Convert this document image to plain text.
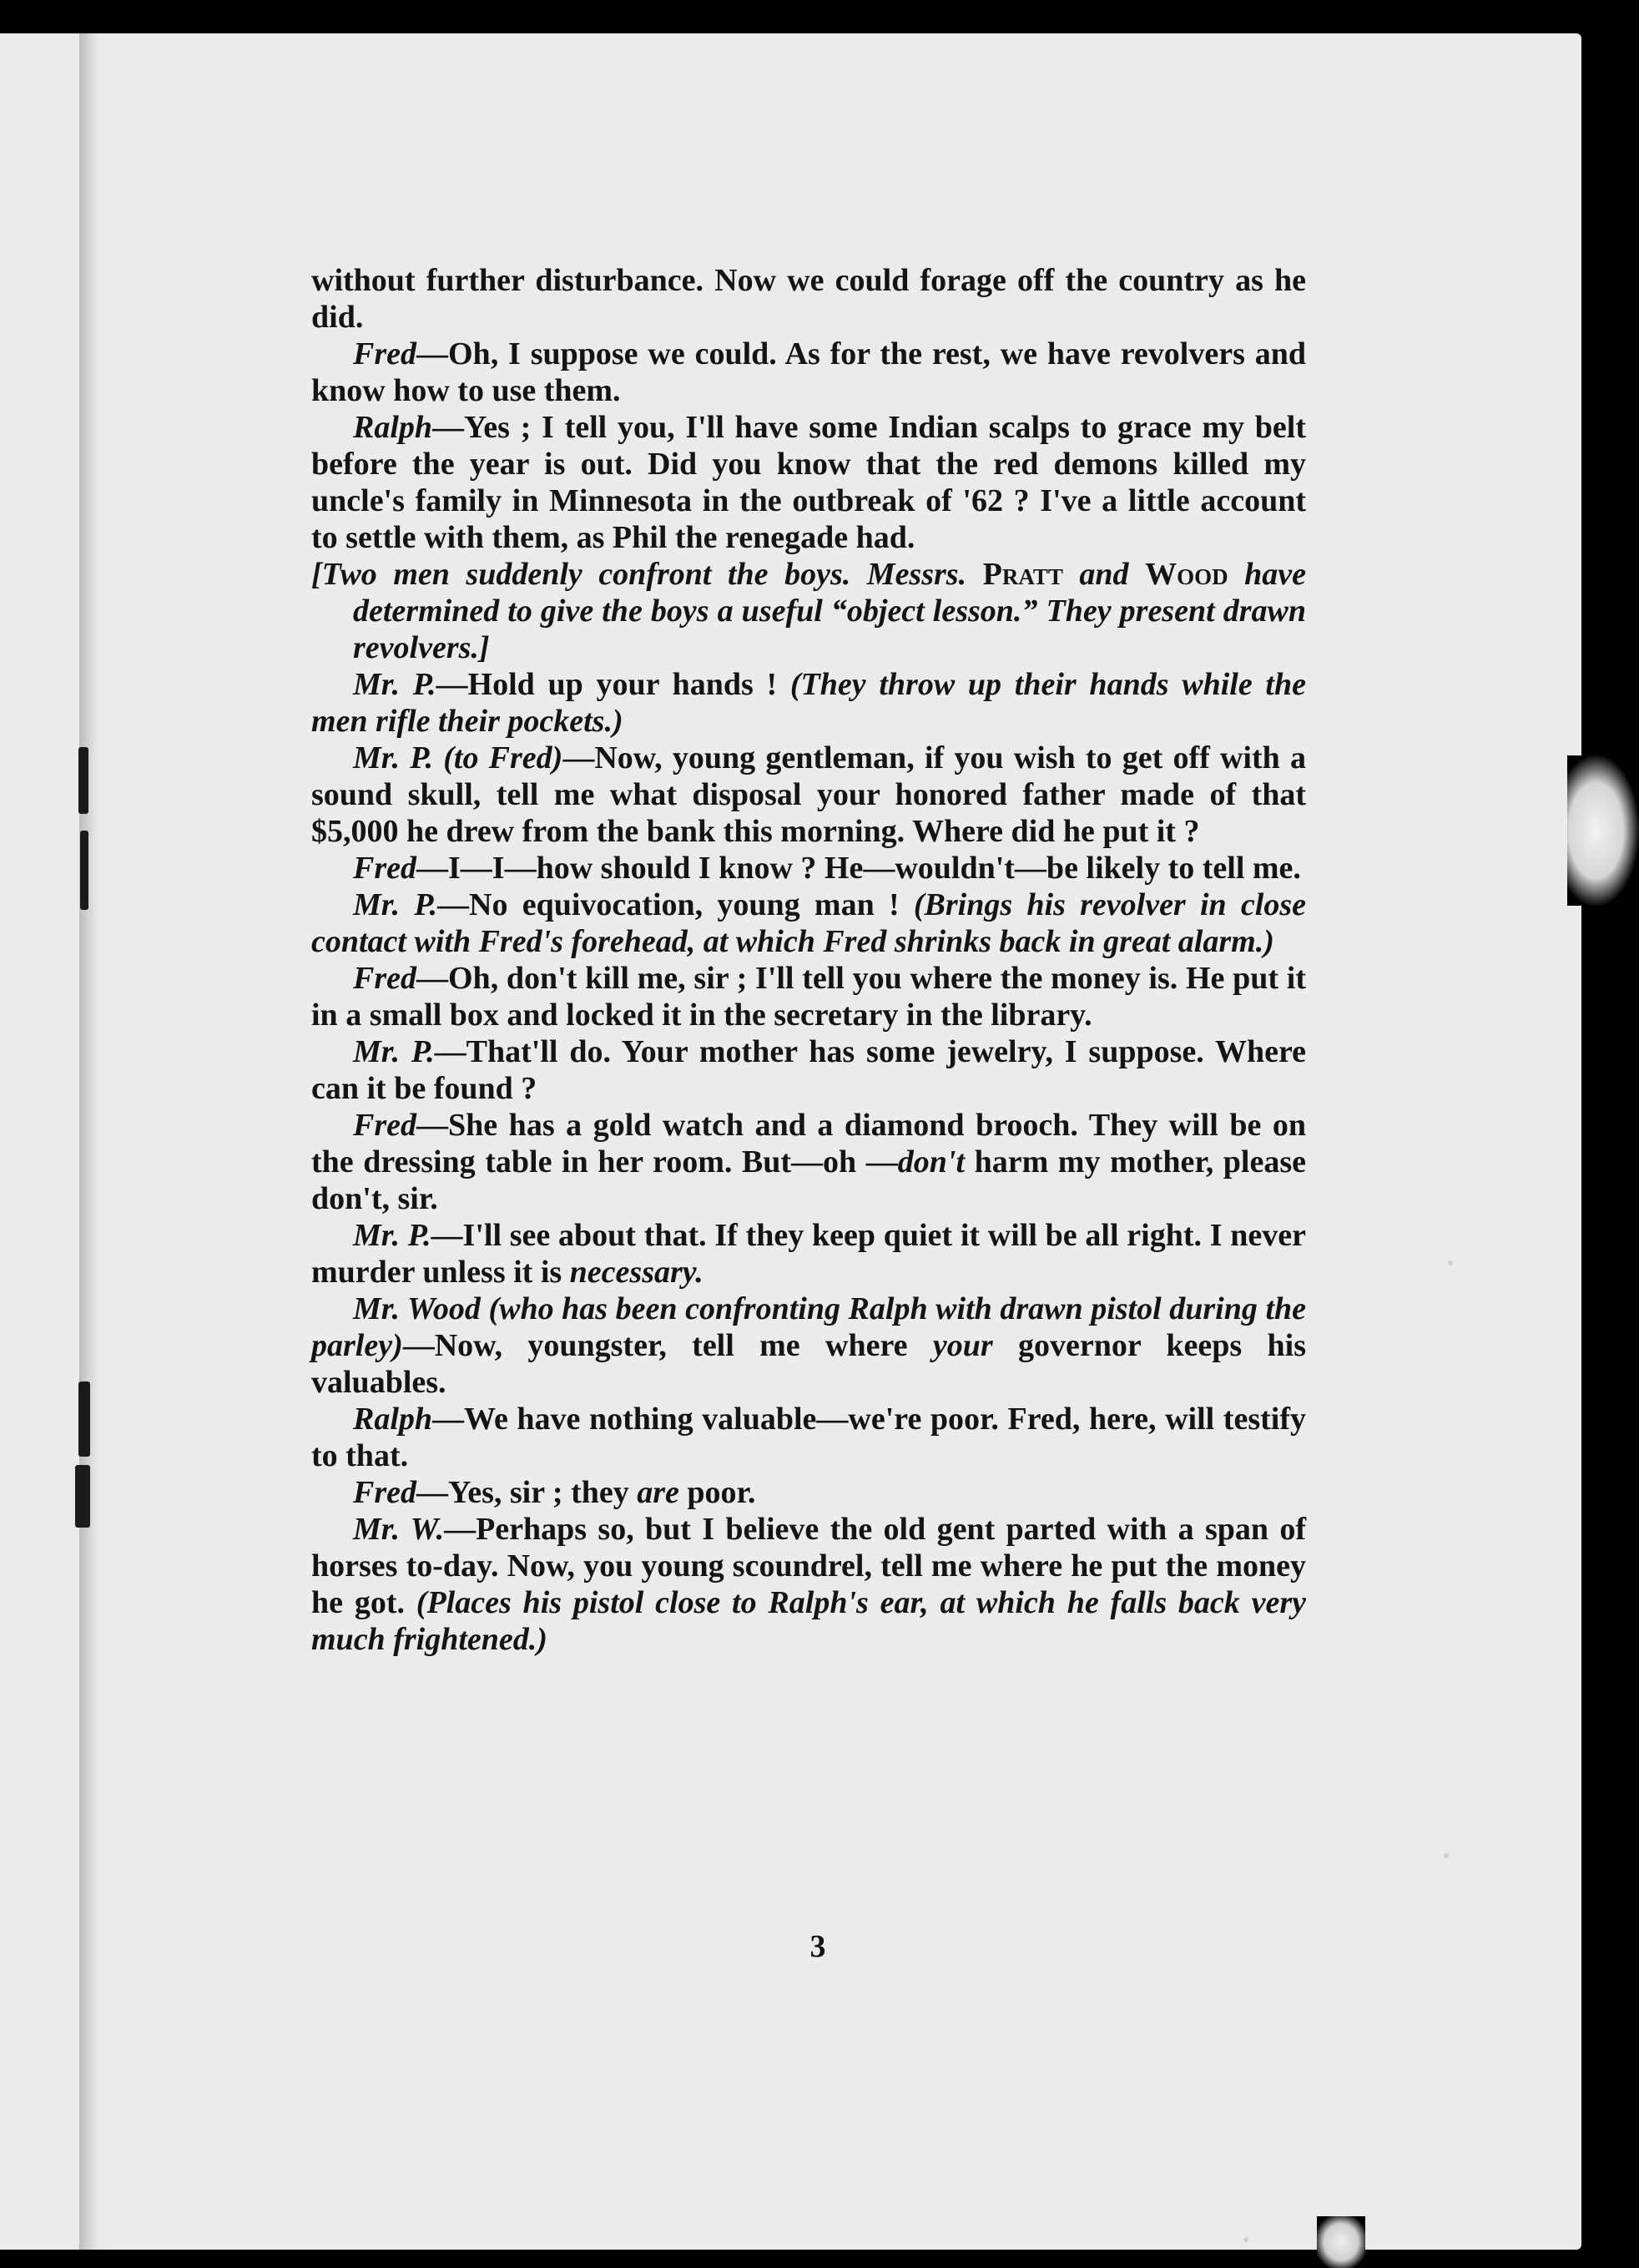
without further disturbance. Now we could forage off the country as he did.

Fred—Oh, I suppose we could. As for the rest, we have revolvers and know how to use them.

Ralph—Yes ; I tell you, I'll have some Indian scalps to grace my belt before the year is out. Did you know that the red demons killed my uncle's family in Minnesota in the outbreak of '62 ? I've a little account to settle with them, as Phil the renegade had.

[Two men suddenly confront the boys. Messrs. Pratt and Wood have determined to give the boys a useful “object lesson.” They present drawn revolvers.]

Mr. P.—Hold up your hands ! (They throw up their hands while the men rifle their pockets.)

Mr. P. (to Fred)—Now, young gentleman, if you wish to get off with a sound skull, tell me what disposal your honored father made of that $5,000 he drew from the bank this morning. Where did he put it ?

Fred—I—I—how should I know ? He—wouldn't—be likely to tell me.

Mr. P.—No equivocation, young man ! (Brings his revolver in close contact with Fred's forehead, at which Fred shrinks back in great alarm.)

Fred—Oh, don't kill me, sir ; I'll tell you where the money is. He put it in a small box and locked it in the secretary in the library.

Mr. P.—That'll do. Your mother has some jewelry, I suppose. Where can it be found ?

Fred—She has a gold watch and a diamond brooch. They will be on the dressing table in her room. But—oh —don't harm my mother, please don't, sir.

Mr. P.—I'll see about that. If they keep quiet it will be all right. I never murder unless it is necessary.

Mr. Wood (who has been confronting Ralph with drawn pistol during the parley)—Now, youngster, tell me where your governor keeps his valuables.

Ralph—We have nothing valuable—we're poor. Fred, here, will testify to that.

Fred—Yes, sir ; they are poor.

Mr. W.—Perhaps so, but I believe the old gent parted with a span of horses to-day. Now, you young scoundrel, tell me where he put the money he got. (Places his pistol close to Ralph's ear, at which he falls back very much frightened.)

3
